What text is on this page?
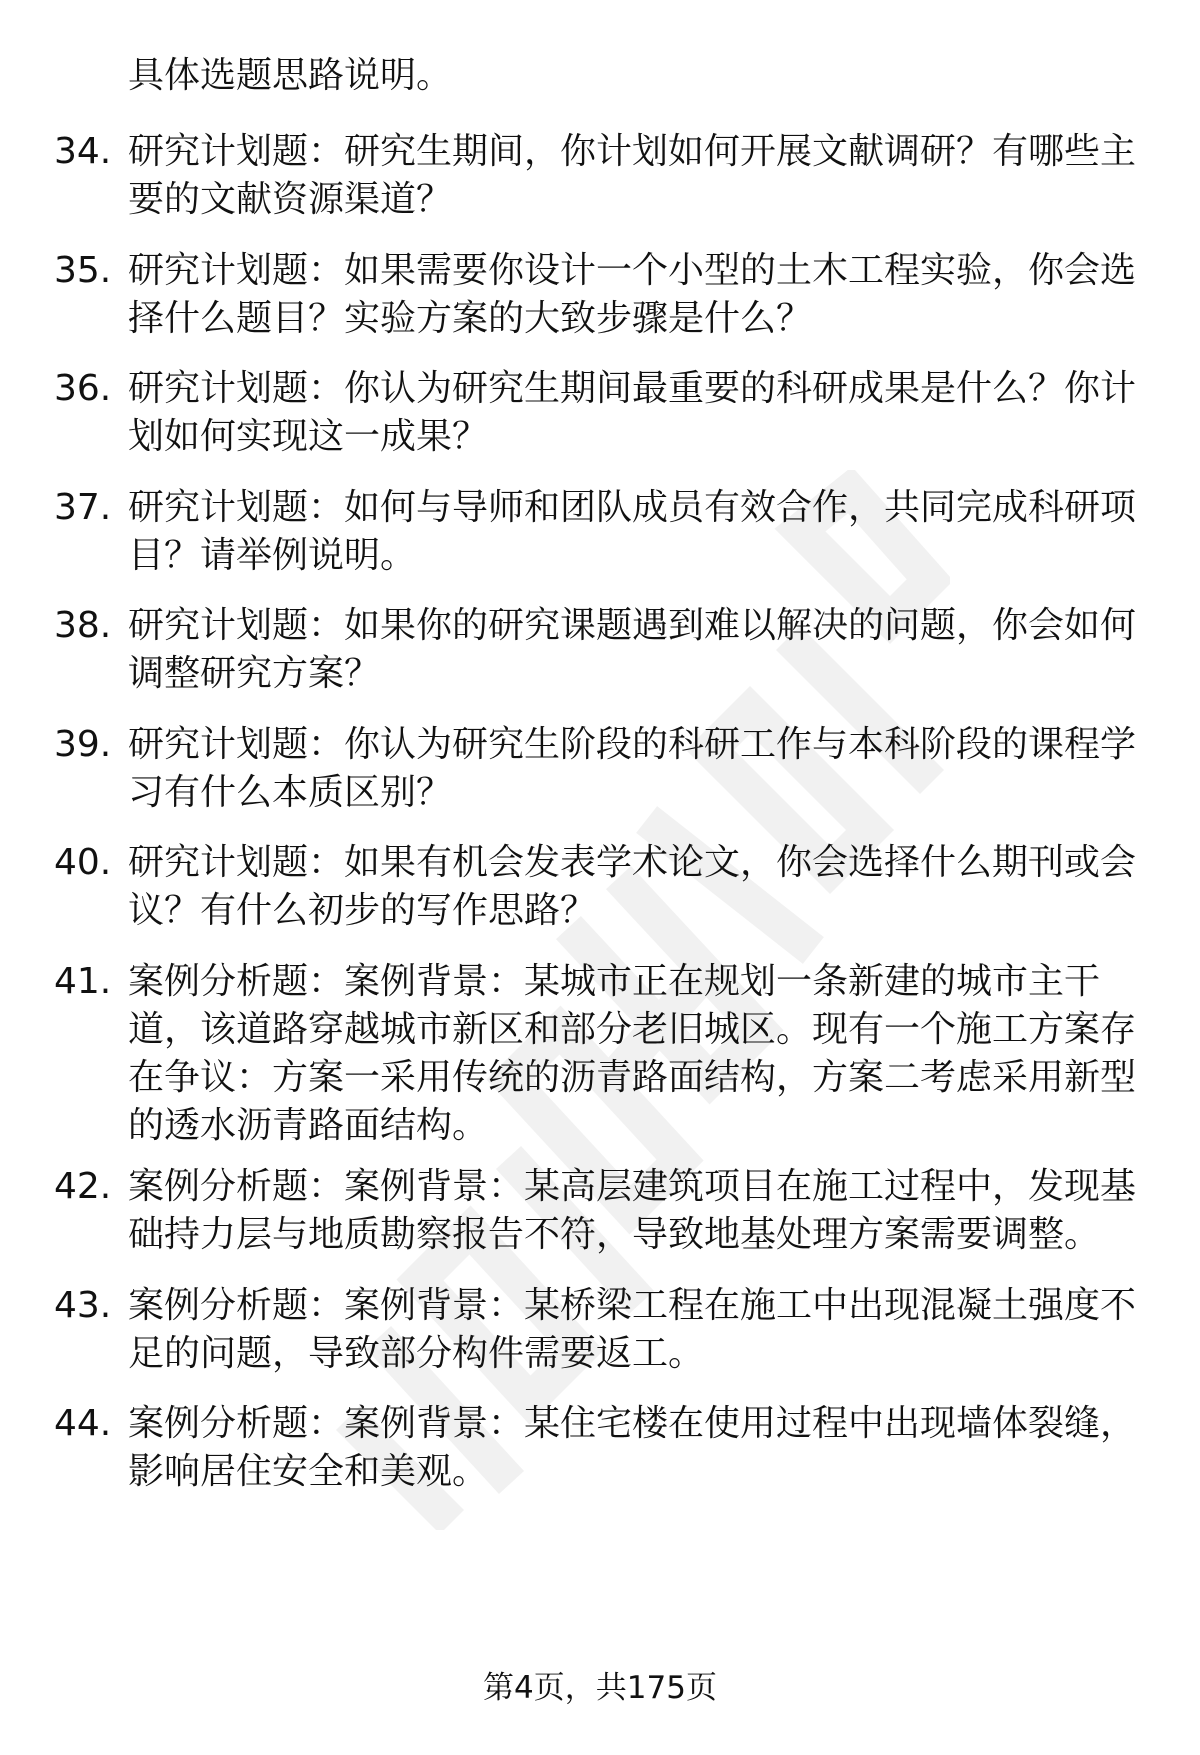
具体选题思路说明。
34. 研究计划题：研究生期间，你计划如何开展文献调研？有哪些主
要的文献资源渠道？
35. 研究计划题：如果需要你设计一个小型的土木工程实验，你会选
择什么题目？实验方案的大致步骤是什么？
36. 研究计划题：你认为研究生期间最重要的科研成果是什么？你计
划如何实现这一成果？
37. 研究计划题：如何与导师和团队成员有效合作，共同完成科研项
目？请举例说明。
38. 研究计划题：如果你的研究课题遇到难以解决的问题，你会如何
调整研究方案？
39. 研究计划题：你认为研究生阶段的科研工作与本科阶段的课程学
习有什么本质区别？
40. 研究计划题：如果有机会发表学术论文，你会选择什么期刊或会
议？有什么初步的写作思路？
41. 案例分析题：案例背景：某城市正在规划一条新建的城市主干
道，该道路穿越城市新区和部分老旧城区。现有一个施工方案存
在争议：方案一采用传统的沥青路面结构，方案二考虑采用新型
的透水沥青路面结构。
42. 案例分析题：案例背景：某高层建筑项目在施工过程中，发现基
础持力层与地质勘察报告不符，导致地基处理方案需要调整。
43. 案例分析题：案例背景：某桥梁工程在施工中出现混凝土强度不
足的问题，导致部分构件需要返工。
44. 案例分析题：案例背景：某住宅楼在使用过程中出现墙体裂缝，
影响居住安全和美观。
第4页，共175页
